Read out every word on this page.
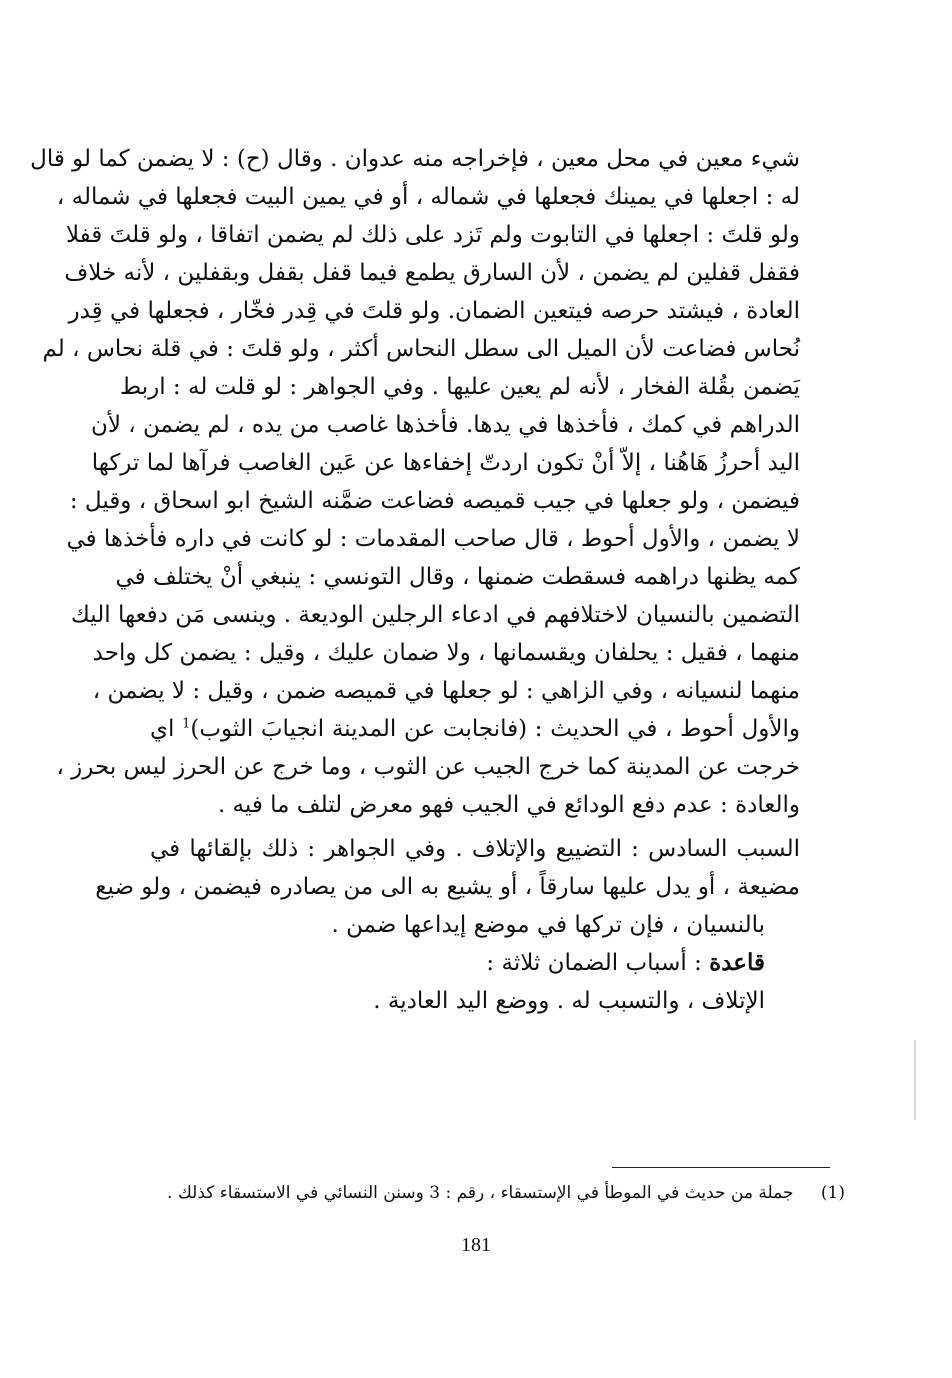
شيء معين في محل معين ، فإخراجه منه عدوان . وقال (ح) : لا يضمن كما لو قال
له : اجعلها في يمينك فجعلها في شماله ، أو في يمين البيت فجعلها في شماله ،
ولو قلتَ : اجعلها في التابوت ولم تَزد على ذلك لم يضمن اتفاقا ، ولو قلتَ قفلا
فقفل قفلين لم يضمن ، لأن السارق يطمع فيما قفل بقفل وبقفلين ، لأنه خلاف
العادة ، فيشتد حرصه فيتعين الضمان. ولو قلتَ في قِدر فخّار ، فجعلها في قِدر
نُحاس فضاعت لأن الميل الى سطل النحاس أكثر ، ولو قلتَ : في قلة نحاس ، لم
يَضمن بقُلة الفخار ، لأنه لم يعين عليها . وفي الجواهر : لو قلت له : اربط
الدراهم في كمك ، فأخذها في يدها. فأخذها غاصب من يده ، لم يضمن ، لأن
اليد أحرزُ هَاهُنا ، إلاّ أنْ تكون اردتّ إخفاءها عن عَين الغاصب فرآها لما تركها
فيضمن ، ولو جعلها في جيب قميصه فضاعت ضمَّنه الشيخ ابو اسحاق ، وقيل :
لا يضمن ، والأول أحوط ، قال صاحب المقدمات : لو كانت في داره فأخذها في
كمه يظنها دراهمه فسقطت ضمنها ، وقال التونسي : ينبغي أنْ يختلف في
التضمين بالنسيان لاختلافهم في ادعاء الرجلين الوديعة . وينسى مَن دفعها اليك
منهما ، فقيل : يحلفان ويقسمانها ، ولا ضمان عليك ، وقيل : يضمن كل واحد
منهما لنسيانه ، وفي الزاهي : لو جعلها في قميصه ضمن ، وقيل : لا يضمن ،
والأول أحوط ، في الحديث : (فانجابت عن المدينة انجيابَ الثوب)$^1$ اي
خرجت عن المدينة كما خرج الجيب عن الثوب ، وما خرج عن الحرز ليس بحرز ،
والعادة : عدم دفع الودائع في الجيب فهو معرض لتلف ما فيه .
السبب السادس : التضييع والإتلاف . وفي الجواهر : ذلك بإلقائها في
مضيعة ، أو يدل عليها سارقاً ، أو يشيع به الى من يصادره فيضمن ، ولو ضيع
بالنسيان ، فإن تركها في موضع إيداعها ضمن .
قاعدة : أسباب الضمان ثلاثة :
الإتلاف ، والتسبب له . ووضع اليد العادية .
(1) جملة من حديث في الموطأ في الإستسقاء ، رقم : 3 وسنن النسائي في الاستسقاء كذلك .
181
